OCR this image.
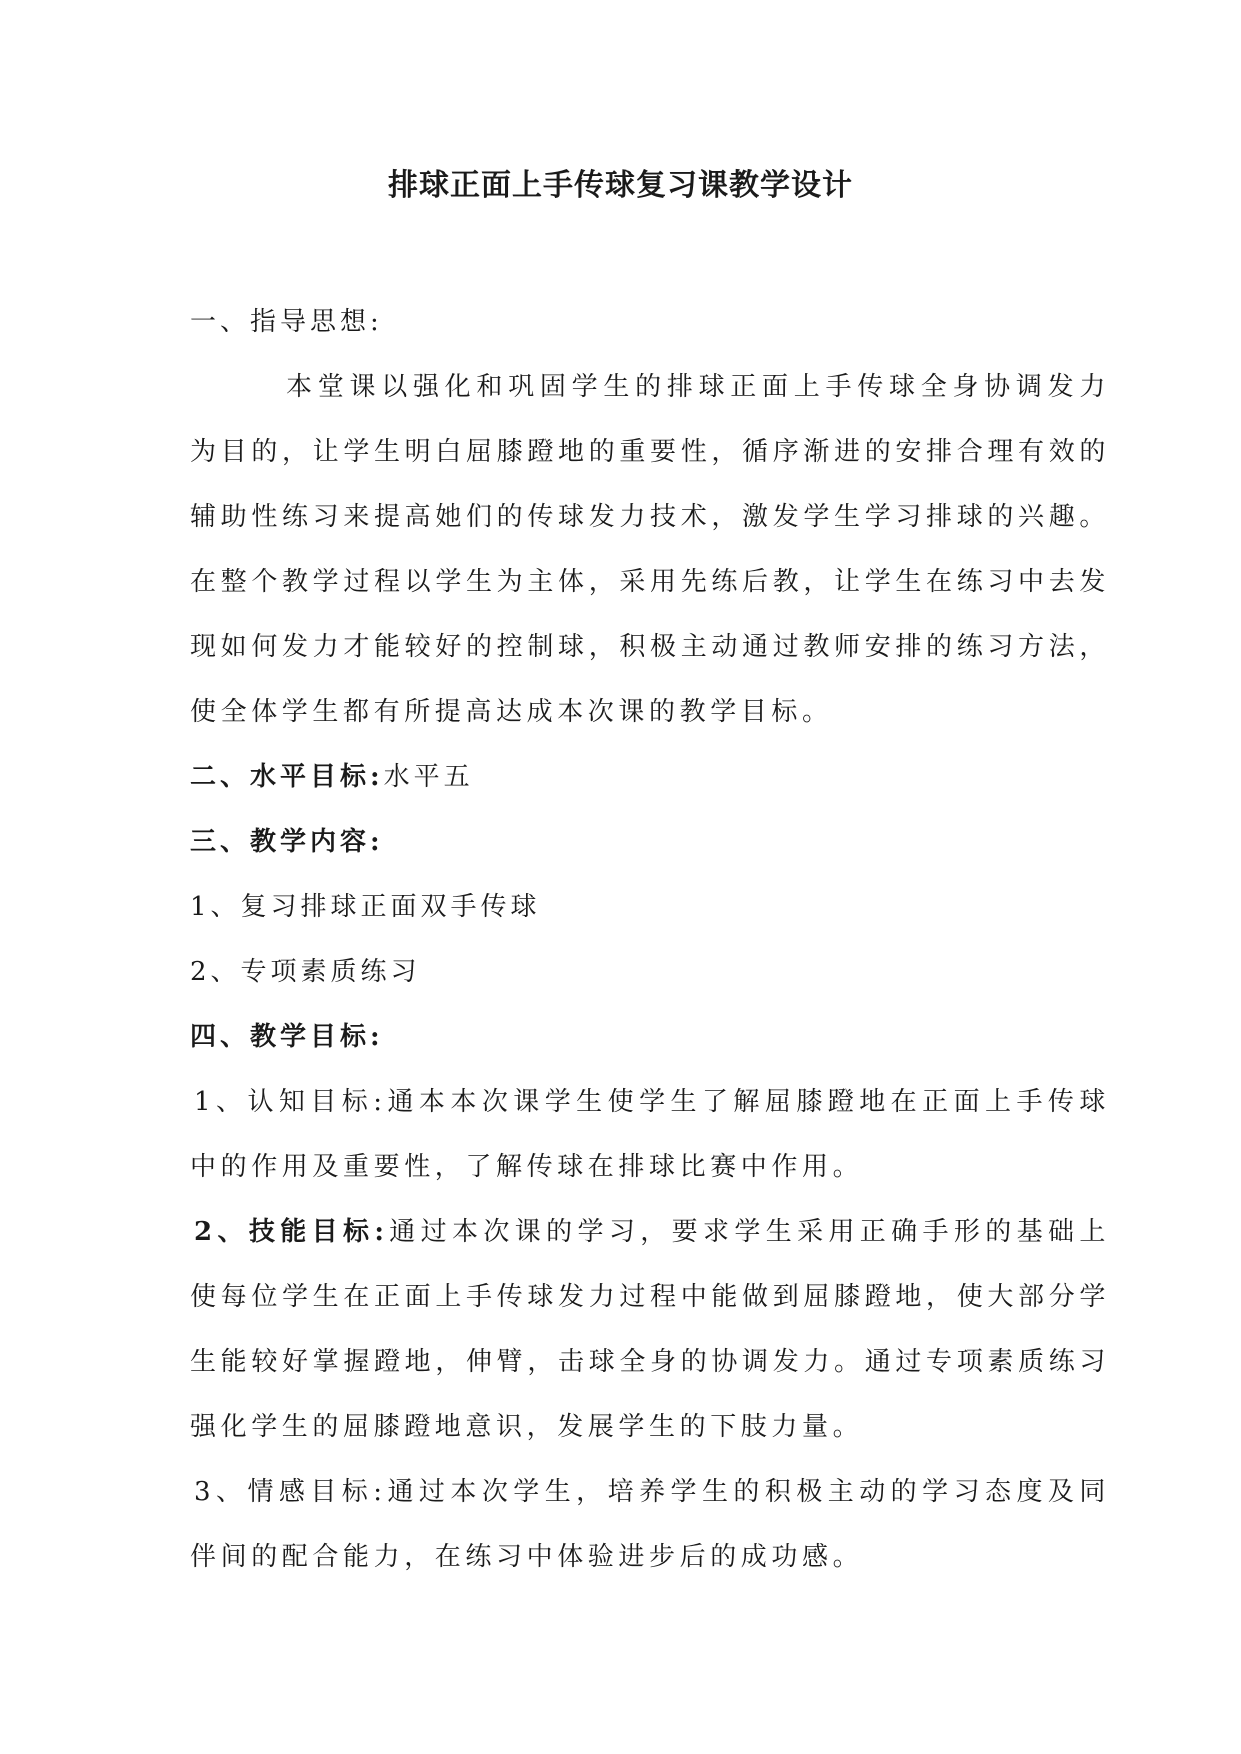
排球正面上手传球复习课教学设计
一、指导思想:
本堂课以强化和巩固学生的排球正面上手传球全身协调发力为目的，让学生明白屈膝蹬地的重要性，循序渐进的安排合理有效的辅助性练习来提高她们的传球发力技术，激发学生学习排球的兴趣。在整个教学过程以学生为主体，采用先练后教，让学生在练习中去发现如何发力才能较好的控制球，积极主动通过教师安排的练习方法，使全体学生都有所提高达成本次课的教学目标。
二、水平目标:水平五
三、教学内容:
1、复习排球正面双手传球
2、专项素质练习
四、教学目标:
1、认知目标:通本本次课学生使学生了解屈膝蹬地在正面上手传球中的作用及重要性，了解传球在排球比赛中作用。
2、技能目标:通过本次课的学习，要求学生采用正确手形的基础上使每位学生在正面上手传球发力过程中能做到屈膝蹬地，使大部分学生能较好掌握蹬地，伸臂，击球全身的协调发力。通过专项素质练习强化学生的屈膝蹬地意识，发展学生的下肢力量。
3、情感目标:通过本次学生，培养学生的积极主动的学习态度及同伴间的配合能力，在练习中体验进步后的成功感。
